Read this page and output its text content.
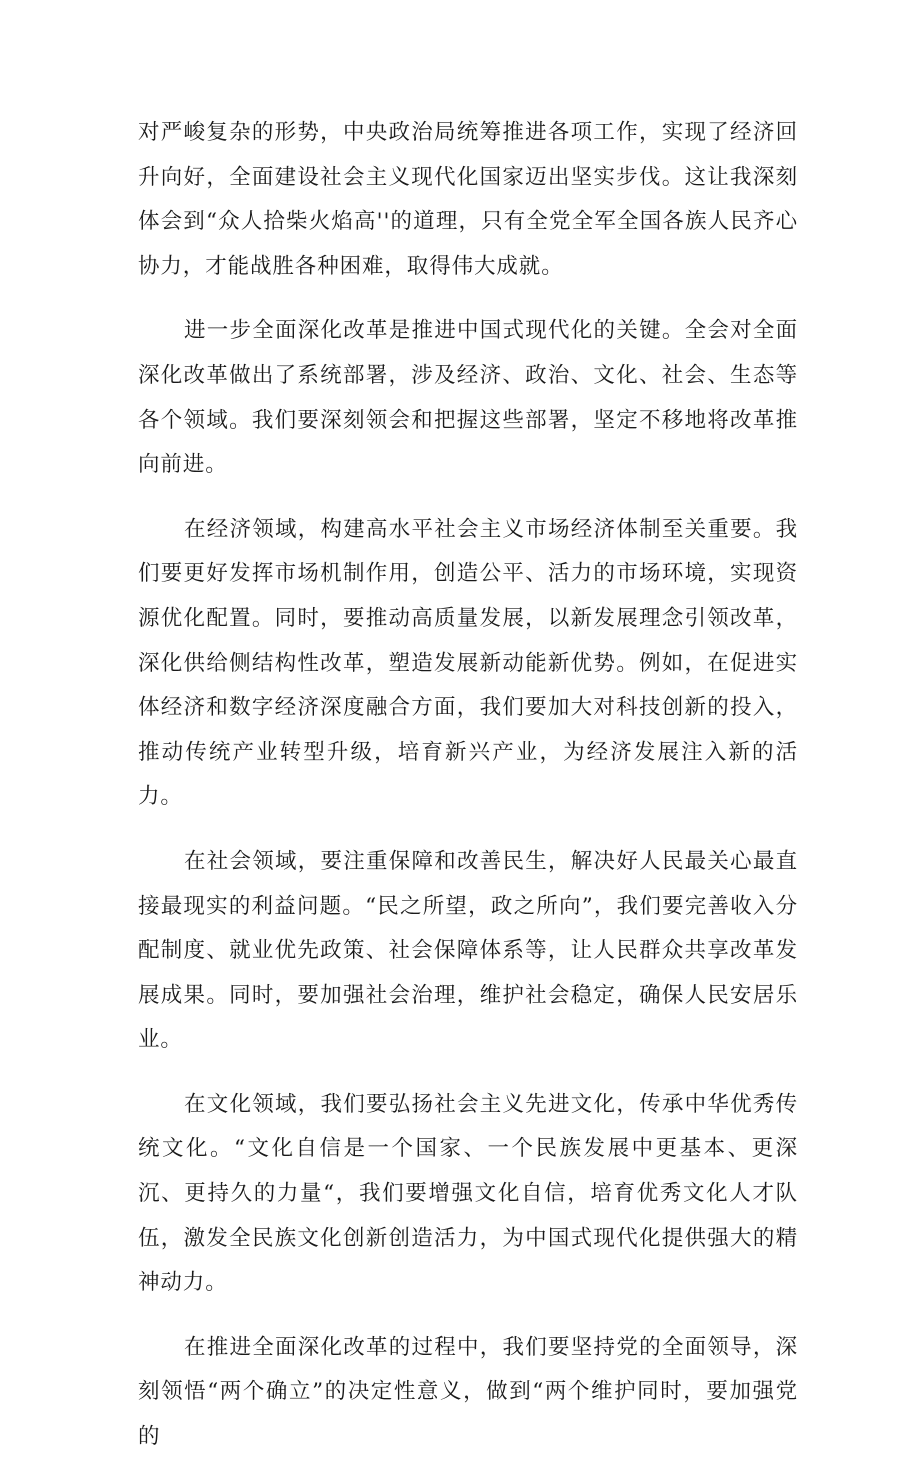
对严峻复杂的形势，中央政治局统筹推进各项工作，实现了经济回升向好，全面建设社会主义现代化国家迈出坚实步伐。这让我深刻体会到“众人拾柴火焰高''的道理，只有全党全军全国各族人民齐心协力，才能战胜各种困难，取得伟大成就。

进一步全面深化改革是推进中国式现代化的关键。全会对全面深化改革做出了系统部署，涉及经济、政治、文化、社会、生态等各个领域。我们要深刻领会和把握这些部署，坚定不移地将改革推向前进。

在经济领域，构建高水平社会主义市场经济体制至关重要。我们要更好发挥市场机制作用，创造公平、活力的市场环境，实现资源优化配置。同时，要推动高质量发展，以新发展理念引领改革，深化供给侧结构性改革，塑造发展新动能新优势。例如，在促进实体经济和数字经济深度融合方面，我们要加大对科技创新的投入，推动传统产业转型升级，培育新兴产业，为经济发展注入新的活力。

在社会领域，要注重保障和改善民生，解决好人民最关心最直接最现实的利益问题。“民之所望，政之所向”，我们要完善收入分配制度、就业优先政策、社会保障体系等，让人民群众共享改革发展成果。同时，要加强社会治理，维护社会稳定，确保人民安居乐业。

在文化领域，我们要弘扬社会主义先进文化，传承中华优秀传统文化。“文化自信是一个国家、一个民族发展中更基本、更深沉、更持久的力量“，我们要增强文化自信，培育优秀文化人才队伍，激发全民族文化创新创造活力，为中国式现代化提供强大的精神动力。

在推进全面深化改革的过程中，我们要坚持党的全面领导，深刻领悟“两个确立”的决定性意义，做到“两个维护同时，要加强党的
